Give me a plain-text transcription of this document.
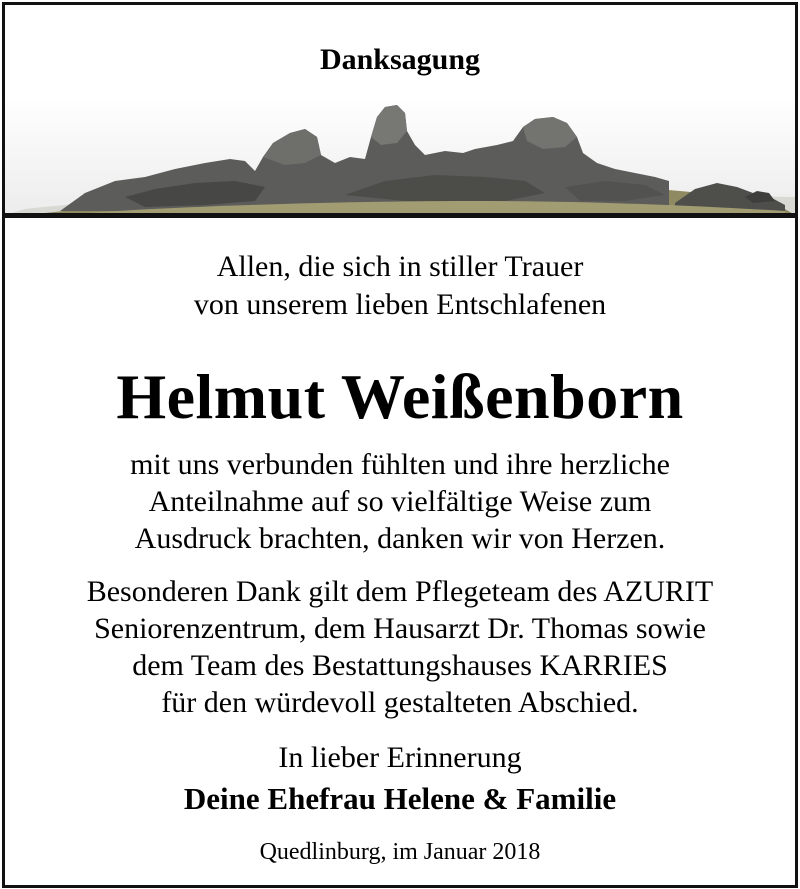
Danksagung

Allen, die sich in stiller Trauer
von unserem lieben Entschlafenen

Helmut Weißenborn

mit uns verbunden fühlten und ihre herzliche
Anteilnahme auf so vielfältige Weise zum
Ausdruck brachten, danken wir von Herzen.

Besonderen Dank gilt dem Pflegeteam des AZURIT
Seniorenzentrum, dem Hausarzt Dr. Thomas sowie
dem Team des Bestattungshauses KARRIES
für den würdevoll gestalteten Abschied.

In lieber Erinnerung

Deine Ehefrau Helene & Familie

Quedlinburg, im Januar 2018
